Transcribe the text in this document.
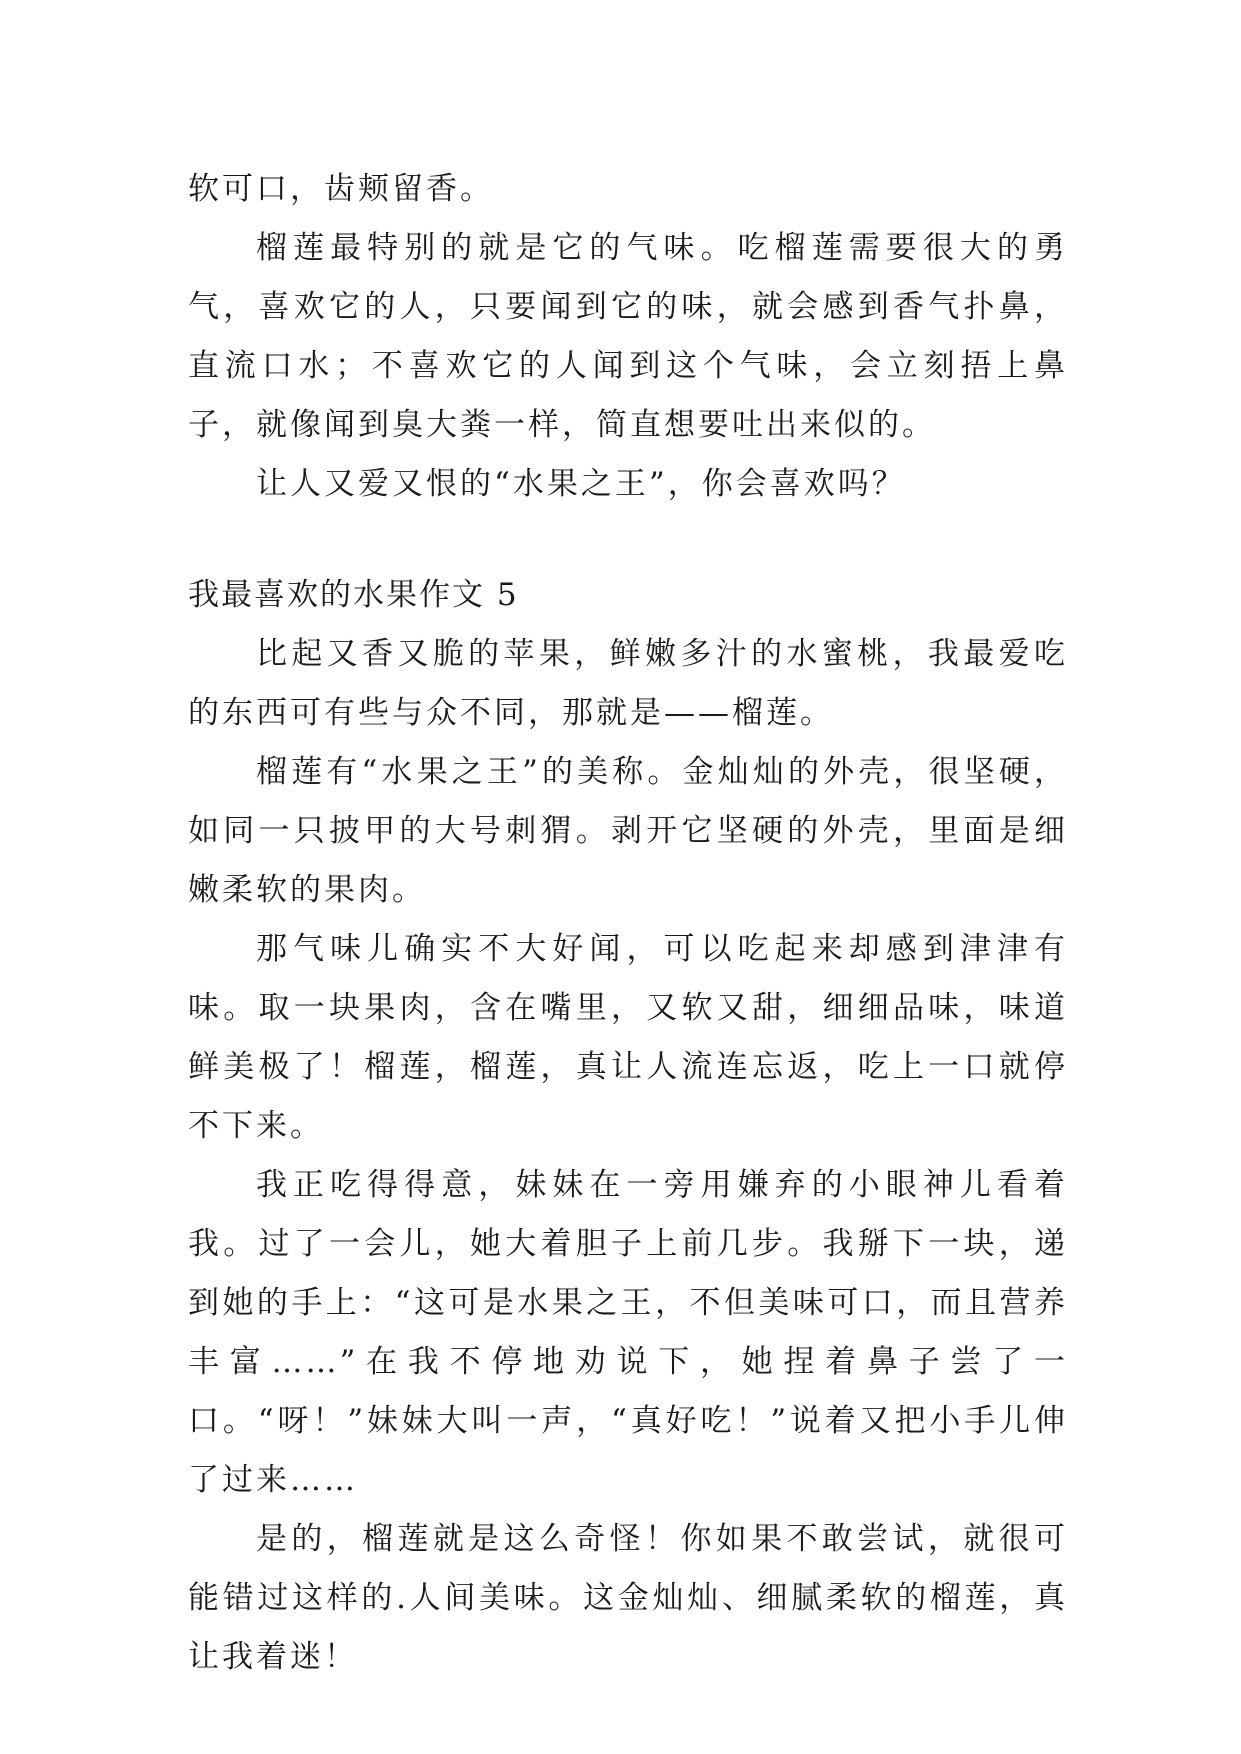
软可口，齿颊留香。

榴莲最特别的就是它的气味。吃榴莲需要很大的勇气，喜欢它的人，只要闻到它的味，就会感到香气扑鼻，直流口水；不喜欢它的人闻到这个气味，会立刻捂上鼻子，就像闻到臭大粪一样，简直想要吐出来似的。

让人又爱又恨的“水果之王”，你会喜欢吗？

我最喜欢的水果作文 5

比起又香又脆的苹果，鲜嫩多汁的水蜜桃，我最爱吃的东西可有些与众不同，那就是——榴莲。

榴莲有“水果之王”的美称。金灿灿的外壳，很坚硬，如同一只披甲的大号刺猬。剥开它坚硬的外壳，里面是细嫩柔软的果肉。

那气味儿确实不大好闻，可以吃起来却感到津津有味。取一块果肉，含在嘴里，又软又甜，细细品味，味道鲜美极了！榴莲，榴莲，真让人流连忘返，吃上一口就停不下来。

我正吃得得意，妹妹在一旁用嫌弃的小眼神儿看着我。过了一会儿，她大着胆子上前几步。我掰下一块，递到她的手上：“这可是水果之王，不但美味可口，而且营养丰富……”在我不停地劝说下，她捏着鼻子尝了一口。“呀！”妹妹大叫一声，“真好吃！”说着又把小手儿伸了过来……

是的，榴莲就是这么奇怪！你如果不敢尝试，就很可能错过这样的.人间美味。这金灿灿、细腻柔软的榴莲，真让我着迷！
